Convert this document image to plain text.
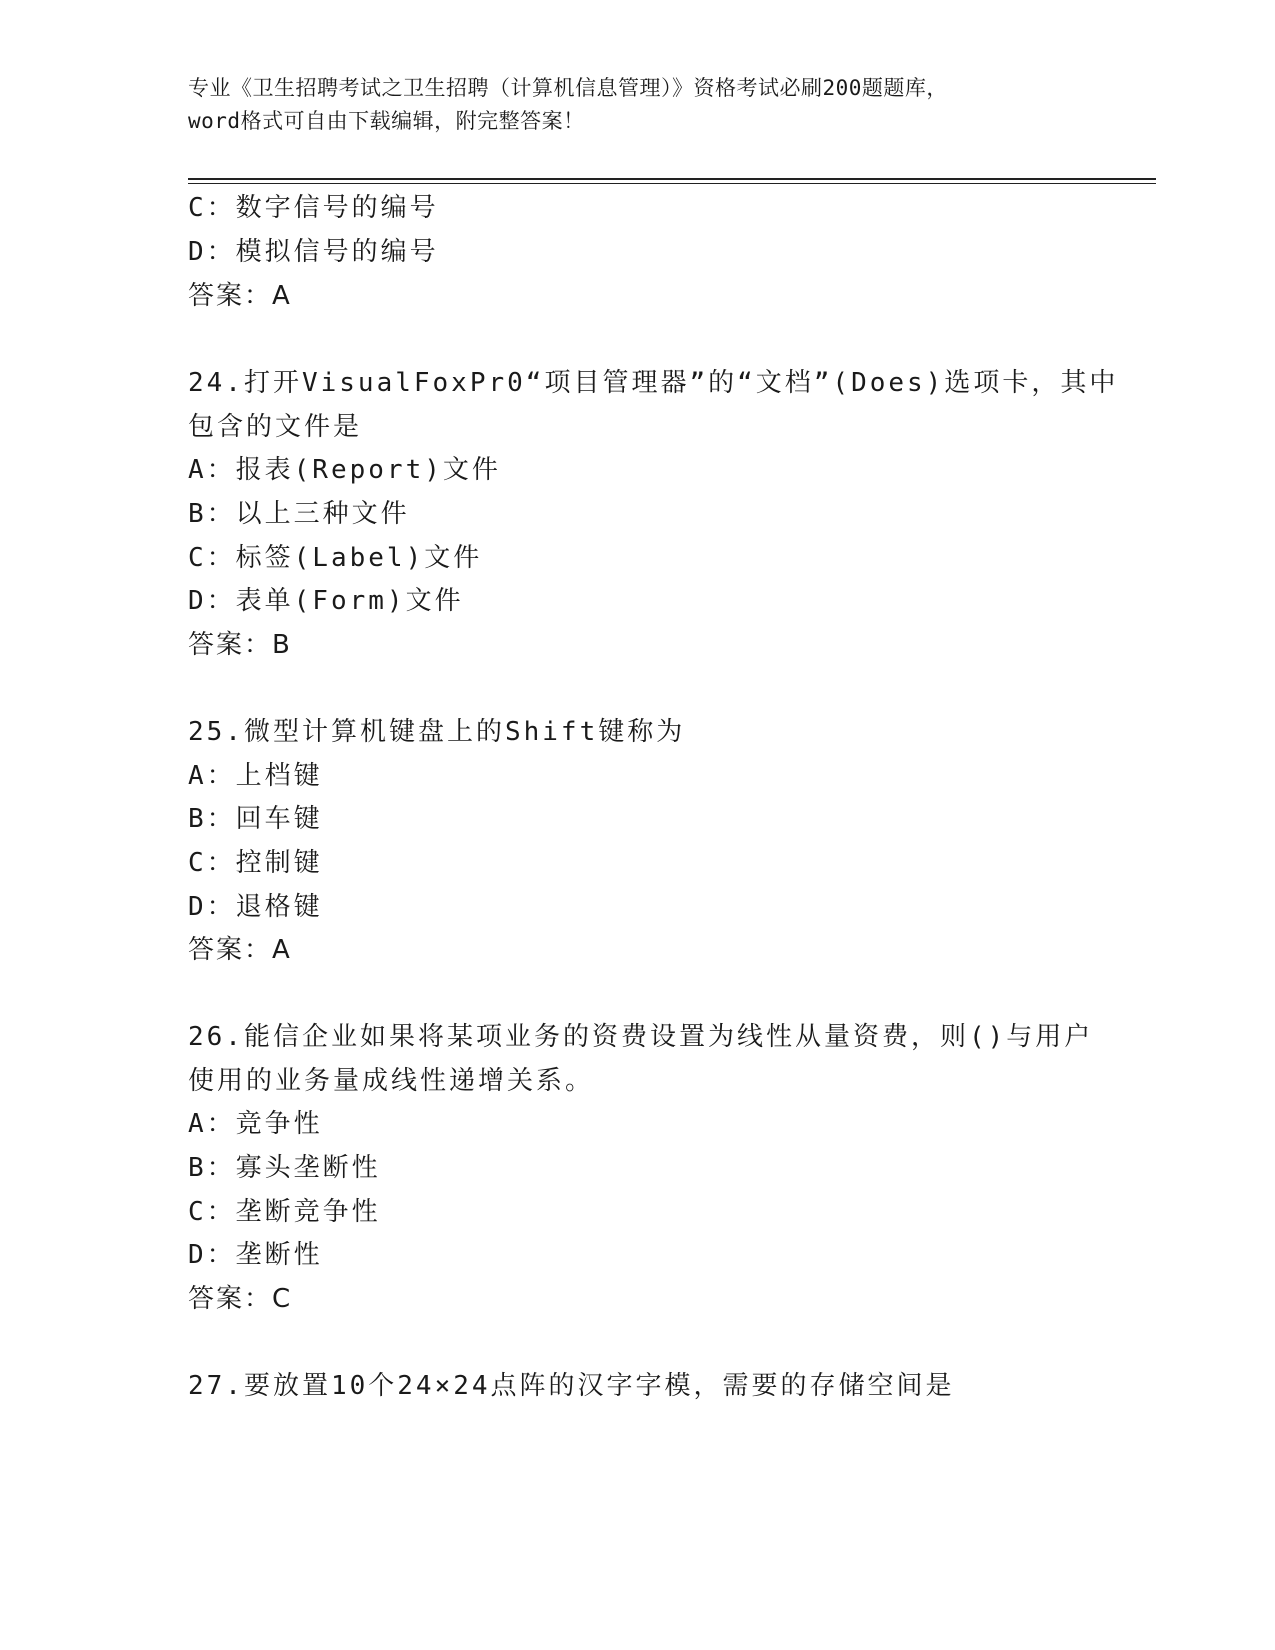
专业《卫生招聘考试之卫生招聘（计算机信息管理）》资格考试必刷200题题库，
word格式可自由下载编辑，附完整答案！
C：数字信号的编号
D：模拟信号的编号
答案：A
24.打开VisualFoxPr0“项目管理器”的“文档”(Does)选项卡，其中
包含的文件是
A：报表(Report)文件
B：以上三种文件
C：标签(Label)文件
D：表单(Form)文件
答案：B
25.微型计算机键盘上的Shift键称为
A：上档键
B：回车键
C：控制键
D：退格键
答案：A
26.能信企业如果将某项业务的资费设置为线性从量资费，则()与用户
使用的业务量成线性递增关系。
A：竞争性
B：寡头垄断性
C：垄断竞争性
D：垄断性
答案：C
27.要放置10个24×24点阵的汉字字模，需要的存储空间是
